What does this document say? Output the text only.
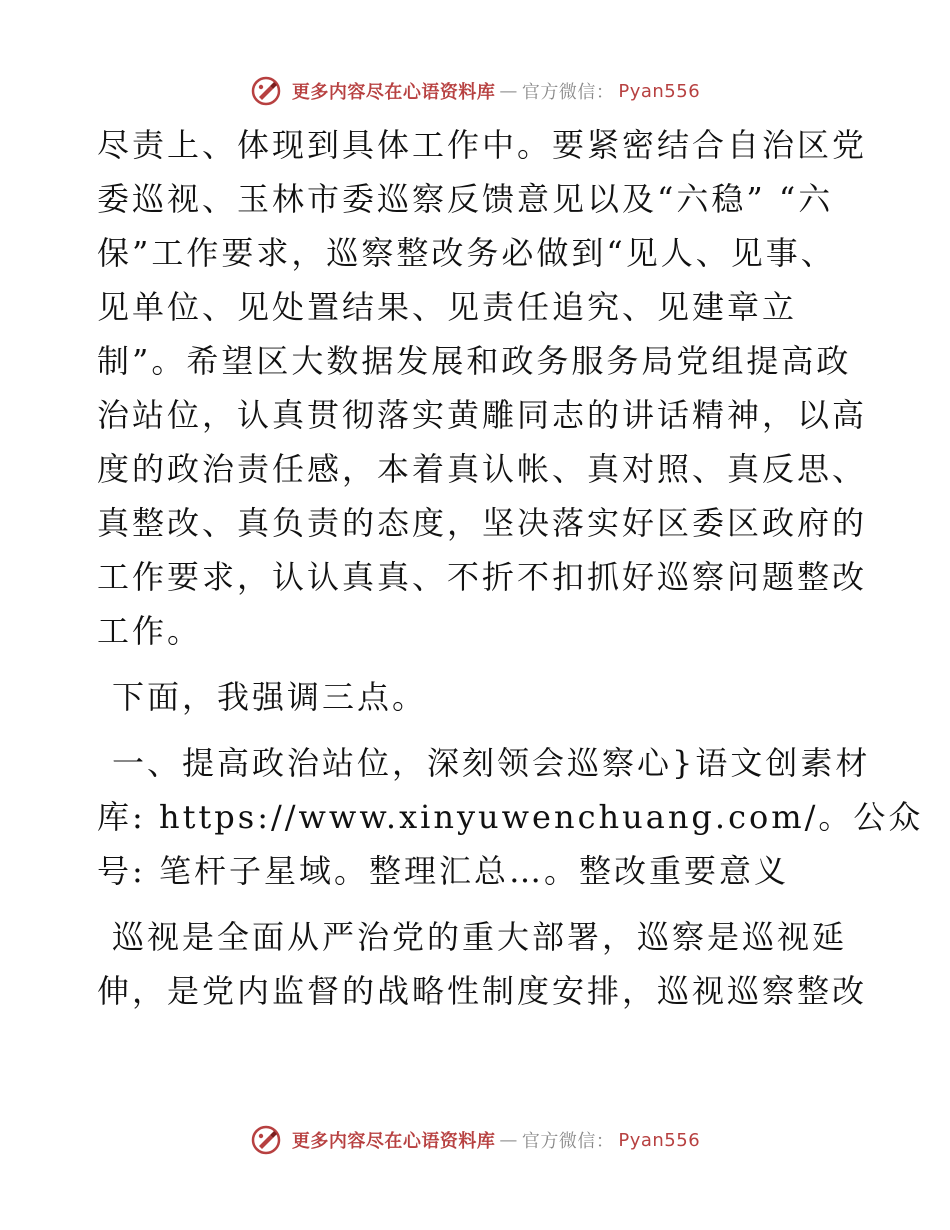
更多内容尽在心语资料库 — 官方微信： Pyan556
尽责上、体现到具体工作中。要紧密结合自治区党
委巡视、玉林市委巡察反馈意见以及“六稳” “六
保”工作要求，巡察整改务必做到“见人、见事、
见单位、见处置结果、见责任追究、见建章立
制”。希望区大数据发展和政务服务局党组提高政
治站位，认真贯彻落实黄雕同志的讲话精神，以高
度的政治责任感，本着真认帐、真对照、真反思、
真整改、真负责的态度，坚决落实好区委区政府的
工作要求，认认真真、不折不扣抓好巡察问题整改
工作。
下面，我强调三点。
一、提高政治站位，深刻领会巡察心}语文创素材
库: https://www.xinyuwenchuang.com/。公众
号: 笔杆子星域。整理汇总…。整改重要意义
巡视是全面从严治党的重大部署，巡察是巡视延
伸，是党内监督的战略性制度安排，巡视巡察整改
更多内容尽在心语资料库 — 官方微信： Pyan556
